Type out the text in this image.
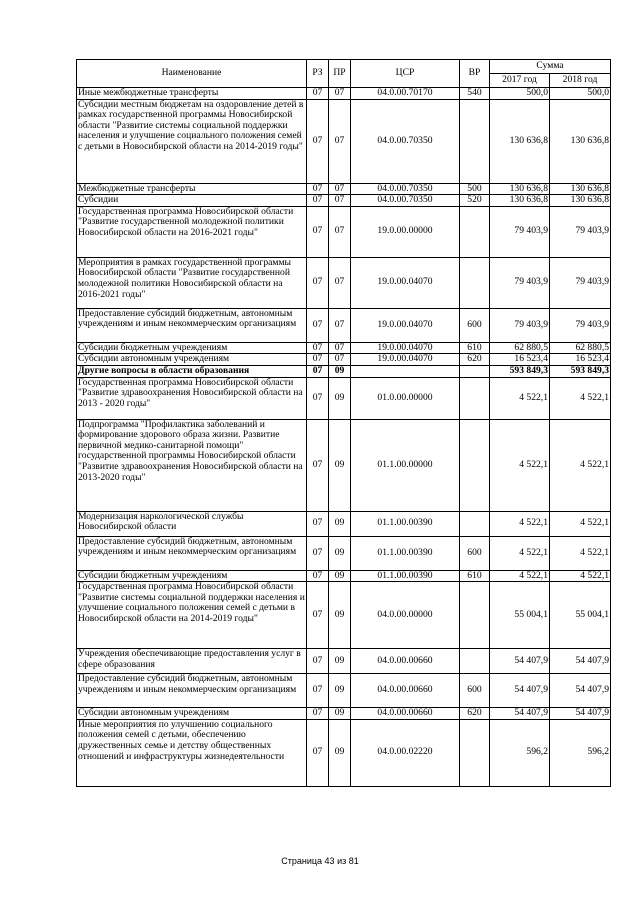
Наименование	РЗ	ПР	ЦСР	ВР	Сумма	
					2017 год	2018 год
Иные межбюджетные трансферты	07	07	04.0.00.70170	540	500,0	500,0
Субсидии местным бюджетам на оздоровление детей в рамках государственной программы Новосибирской области "Развитие системы социальной поддержки населения и улучшение социального положения семей с детьми в Новосибирской области на 2014-2019 годы"	07	07	04.0.00.70350		130 636,8	130 636,8
Межбюджетные трансферты	07	07	04.0.00.70350	500	130 636,8	130 636,8
Субсидии	07	07	04.0.00.70350	520	130 636,8	130 636,8
Государственная программа Новосибирской области "Развитие государственной молодежной политики Новосибирской области на 2016-2021 годы"	07	07	19.0.00.00000		79 403,9	79 403,9
Мероприятия в рамках государственной программы Новосибирской области "Развитие государственной молодежной политики Новосибирской области на 2016-2021 годы"	07	07	19.0.00.04070		79 403,9	79 403,9
Предоставление субсидий бюджетным, автономным учреждениям и иным некоммерческим организациям	07	07	19.0.00.04070	600	79 403,9	79 403,9
Субсидии бюджетным учреждениям	07	07	19.0.00.04070	610	62 880,5	62 880,5
Субсидии автономным учреждениям	07	07	19.0.00.04070	620	16 523,4	16 523,4
Другие вопросы в области образования	07	09			593 849,3	593 849,3
Государственная программа Новосибирской области "Развитие здравоохранения Новосибирской области на 2013 - 2020 годы"	07	09	01.0.00.00000		4 522,1	4 522,1
Подпрограмма "Профилактика заболеваний и формирование здорового образа жизни. Развитие первичной медико-санитарной помощи" государственной программы Новосибирской области "Развитие здравоохранения Новосибирской области на 2013-2020 годы"	07	09	01.1.00.00000		4 522,1	4 522,1
Модернизация наркологической службы Новосибирской области	07	09	01.1.00.00390		4 522,1	4 522,1
Предоставление субсидий бюджетным, автономным учреждениям и иным некоммерческим организациям	07	09	01.1.00.00390	600	4 522,1	4 522,1
Субсидии бюджетным учреждениям	07	09	01.1.00.00390	610	4 522,1	4 522,1
Государственная программа Новосибирской области "Развитие системы социальной поддержки населения и улучшение социального положения семей с детьми в Новосибирской области на 2014-2019 годы"	07	09	04.0.00.00000		55 004,1	55 004,1
Учреждения обеспечивающие предоставления услуг в сфере образования	07	09	04.0.00.00660		54 407,9	54 407,9
Предоставление субсидий бюджетным, автономным учреждениям и иным некоммерческим организациям	07	09	04.0.00.00660	600	54 407,9	54 407,9
Субсидии автономным учреждениям	07	09	04.0.00.00660	620	54 407,9	54 407,9
Иные мероприятия по улучшению социального положения семей с детьми, обеспечению дружественных семье и детству общественных отношений и инфраструктуры жизнедеятельности	07	09	04.0.00.02220		596,2	596,2
Страница 43 из 81
